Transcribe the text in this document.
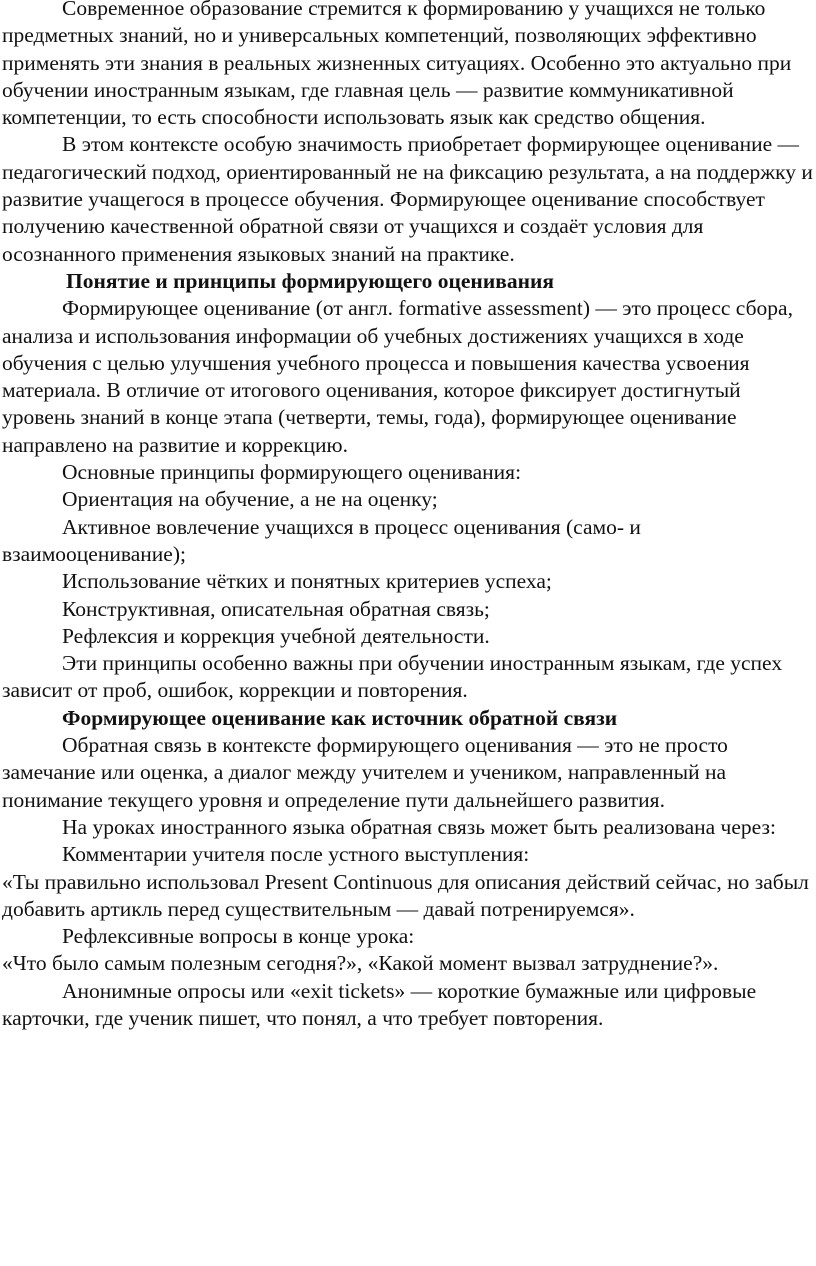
Современное образование стремится к формированию у учащихся не только предметных знаний, но и универсальных компетенций, позволяющих эффективно применять эти знания в реальных жизненных ситуациях. Особенно это актуально при обучении иностранным языкам, где главная цель — развитие коммуникативной компетенции, то есть способности использовать язык как средство общения.

В этом контексте особую значимость приобретает формирующее оценивание — педагогический подход, ориентированный не на фиксацию результата, а на поддержку и развитие учащегося в процессе обучения. Формирующее оценивание способствует получению качественной обратной связи от учащихся и создаёт условия для осознанного применения языковых знаний на практике.

Понятие и принципы формирующего оценивания

Формирующее оценивание (от англ. formative assessment) — это процесс сбора, анализа и использования информации об учебных достижениях учащихся в ходе обучения с целью улучшения учебного процесса и повышения качества усвоения материала. В отличие от итогового оценивания, которое фиксирует достигнутый уровень знаний в конце этапа (четверти, темы, года), формирующее оценивание направлено на развитие и коррекцию.

Основные принципы формирующего оценивания:

Ориентация на обучение, а не на оценку;

Активное вовлечение учащихся в процесс оценивания (само- и взаимооценивание);

Использование чётких и понятных критериев успеха;

Конструктивная, описательная обратная связь;

Рефлексия и коррекция учебной деятельности.

Эти принципы особенно важны при обучении иностранным языкам, где успех зависит от проб, ошибок, коррекции и повторения.

Формирующее оценивание как источник обратной связи

Обратная связь в контексте формирующего оценивания — это не просто замечание или оценка, а диалог между учителем и учеником, направленный на понимание текущего уровня и определение пути дальнейшего развития.

На уроках иностранного языка обратная связь может быть реализована через:

Комментарии учителя после устного выступления:

«Ты правильно использовал Present Continuous для описания действий сейчас, но забыл добавить артикль перед существительным — давай потренируемся».

Рефлексивные вопросы в конце урока:

«Что было самым полезным сегодня?», «Какой момент вызвал затруднение?».

Анонимные опросы или «exit tickets» — короткие бумажные или цифровые карточки, где ученик пишет, что понял, а что требует повторения.
